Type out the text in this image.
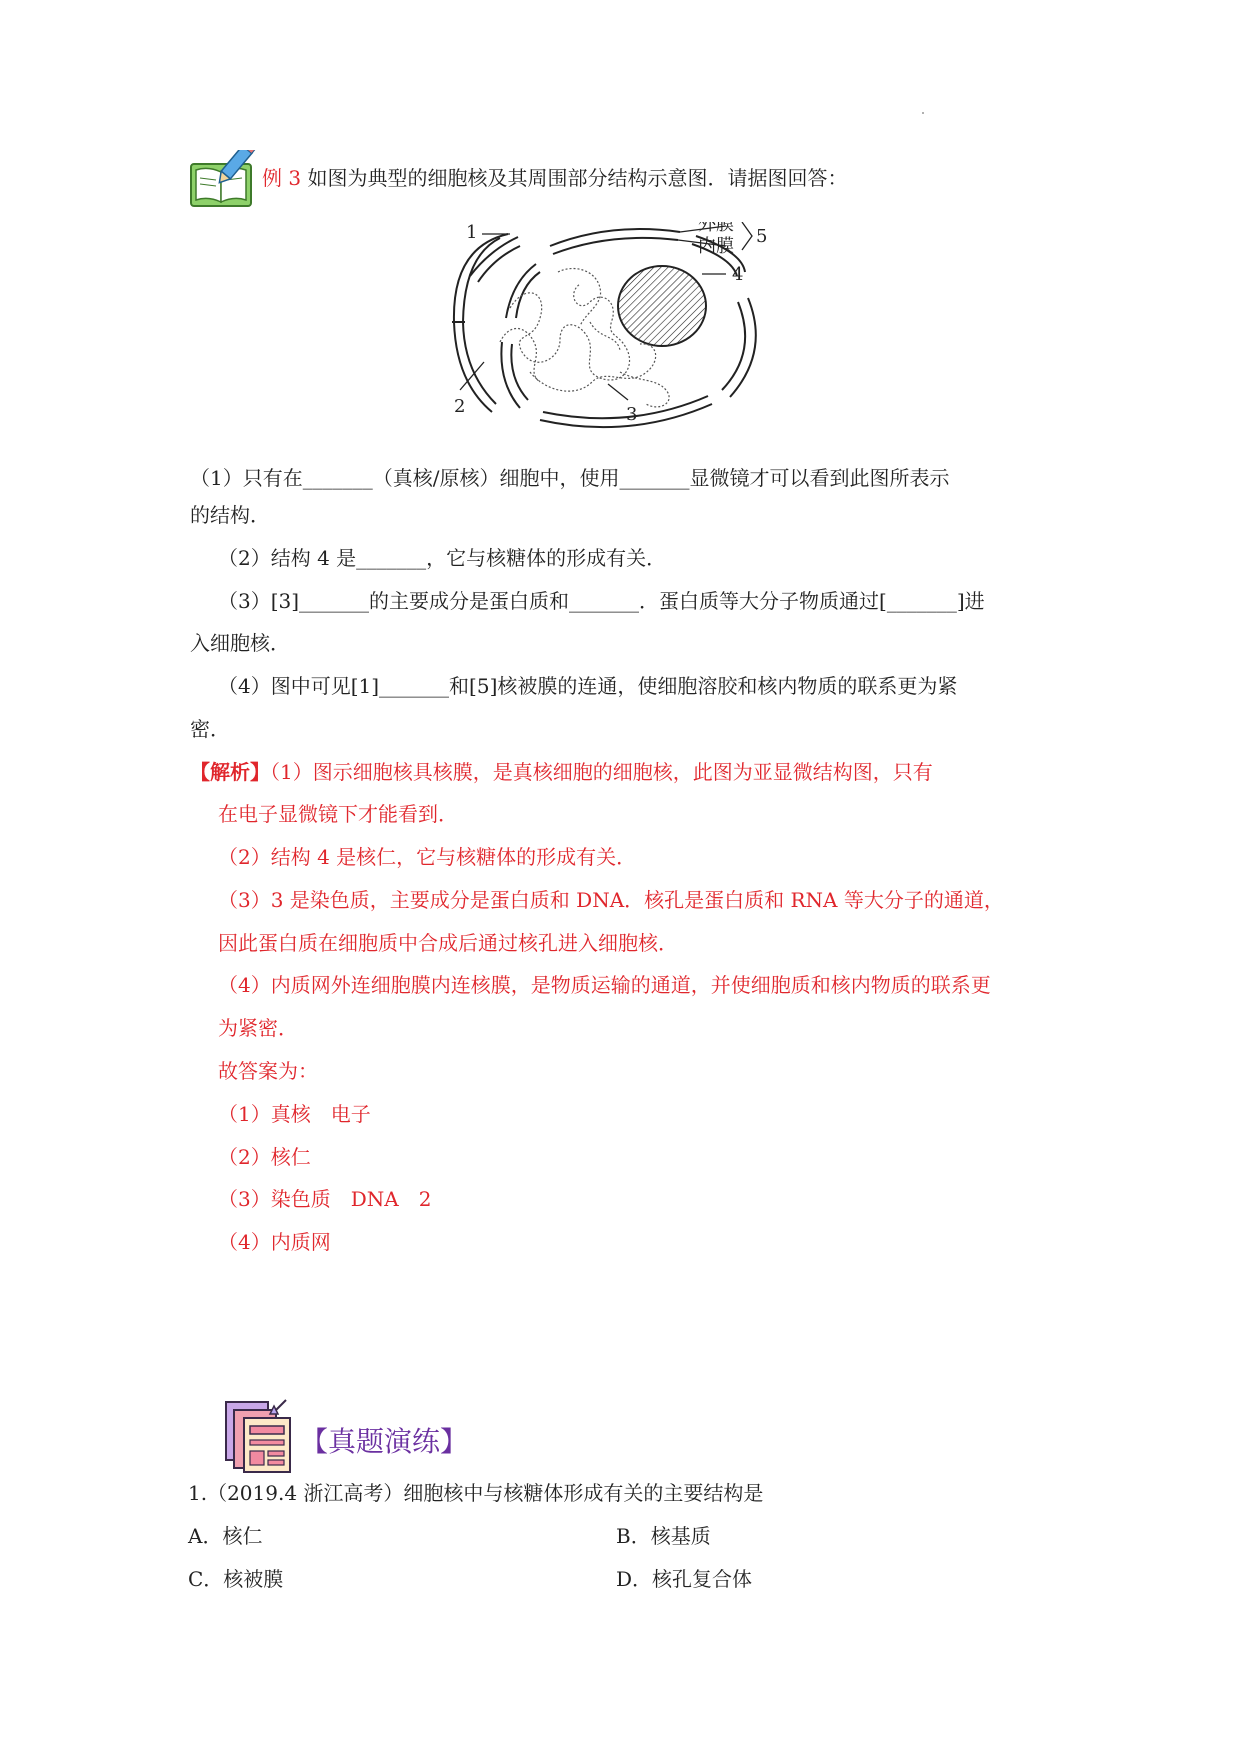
例 3 如图为典型的细胞核及其周围部分结构示意图．请据图回答：
1
2	3
4
5
外膜
内膜
（1）只有在_______（真核/原核）细胞中，使用_______显微镜才可以看到此图所表示
的结构．
（2）结构 4 是_______，它与核糖体的形成有关．
（3）[3]_______的主要成分是蛋白质和_______．蛋白质等大分子物质通过[_______]进
入细胞核．
（4）图中可见[1]_______和[5]核被膜的连通，使细胞溶胶和核内物质的联系更为紧
密．
【解析】（1）图示细胞核具核膜，是真核细胞的细胞核，此图为亚显微结构图，只有
在电子显微镜下才能看到．
（2）结构 4 是核仁，它与核糖体的形成有关．
（3）3 是染色质，主要成分是蛋白质和 DNA．核孔是蛋白质和 RNA 等大分子的通道，
因此蛋白质在细胞质中合成后通过核孔进入细胞核．
（4）内质网外连细胞膜内连核膜，是物质运输的通道，并使细胞质和核内物质的联系更
为紧密．
故答案为：
（1）真核　电子
（2）核仁
（3）染色质　DNA　2
（4）内质网
【真题演练】
1.（2019.4 浙江高考）细胞核中与核糖体形成有关的主要结构是
A．核仁	B．核基质
C．核被膜	D．核孔复合体
